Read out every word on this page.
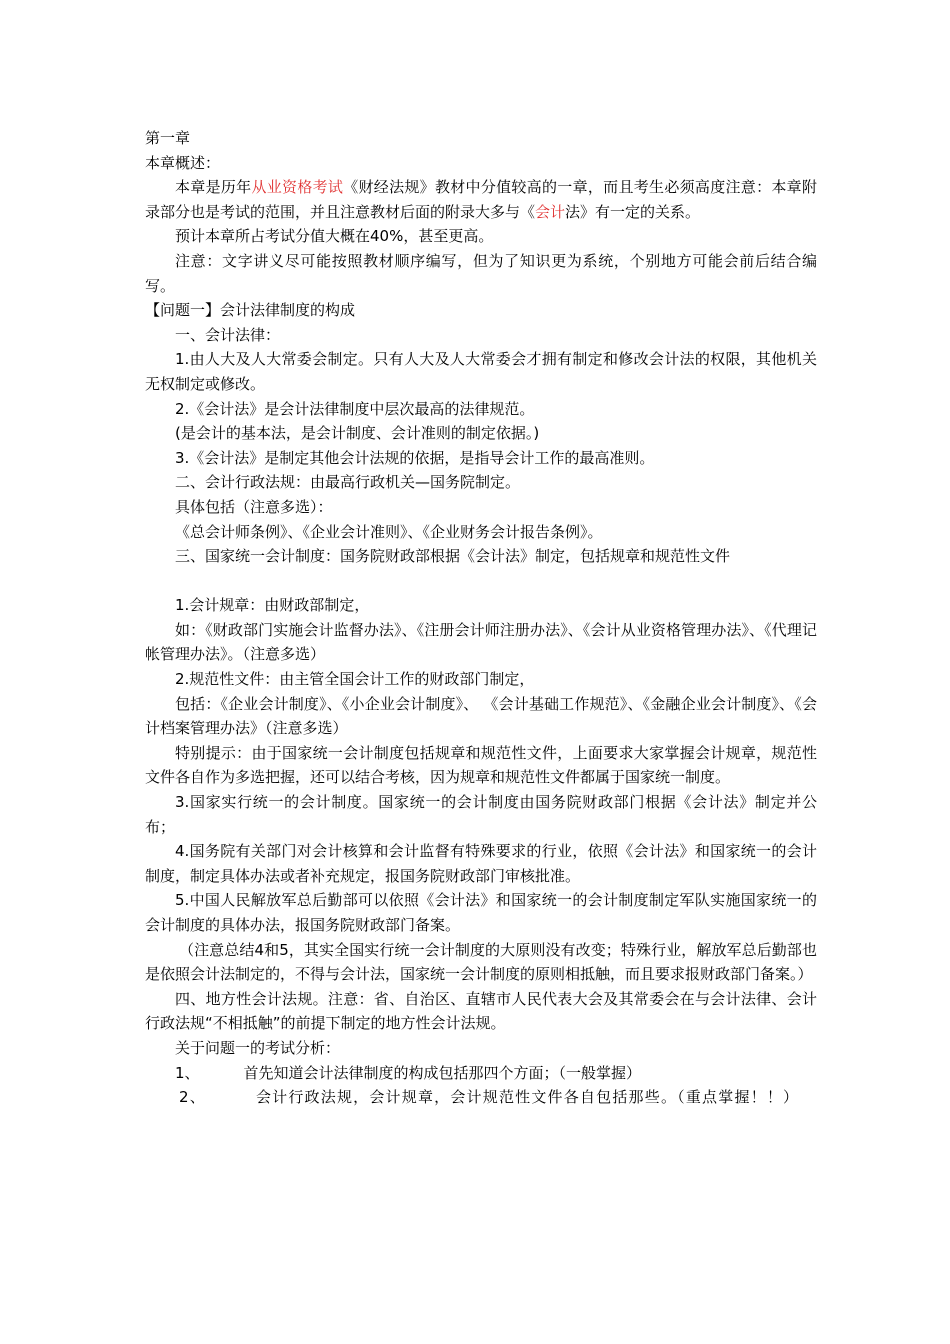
第一章

本章概述：

本章是历年从业资格考试《财经法规》教材中分值较高的一章，而且考生必须高度注意：本章附录部分也是考试的范围，并且注意教材后面的附录大多与《会计法》有一定的关系。

预计本章所占考试分值大概在40%，甚至更高。

注意：文字讲义尽可能按照教材顺序编写，但为了知识更为系统，个别地方可能会前后结合编写。

【问题一】会计法律制度的构成

一、会计法律：

1.由人大及人大常委会制定。只有人大及人大常委会才拥有制定和修改会计法的权限，其他机关无权制定或修改。

2.《会计法》是会计法律制度中层次最高的法律规范。

(是会计的基本法，是会计制度、会计准则的制定依据。)

3.《会计法》是制定其他会计法规的依据，是指导会计工作的最高准则。

二、会计行政法规：由最高行政机关—国务院制定。

具体包括（注意多选）：

《总会计师条例》、《企业会计准则》、《企业财务会计报告条例》。

三、国家统一会计制度：国务院财政部根据《会计法》制定，包括规章和规范性文件

1.会计规章：由财政部制定，

如：《财政部门实施会计监督办法》、《注册会计师注册办法》、《会计从业资格管理办法》、《代理记帐管理办法》。（注意多选）

2.规范性文件：由主管全国会计工作的财政部门制定，

包括：《企业会计制度》、《小企业会计制度》、 《会计基础工作规范》、《金融企业会计制度》、《会计档案管理办法》（注意多选）

特别提示：由于国家统一会计制度包括规章和规范性文件，上面要求大家掌握会计规章，规范性文件各自作为多选把握，还可以结合考核，因为规章和规范性文件都属于国家统一制度。

3.国家实行统一的会计制度。国家统一的会计制度由国务院财政部门根据《会计法》制定并公布；

4.国务院有关部门对会计核算和会计监督有特殊要求的行业，依照《会计法》和国家统一的会计制度，制定具体办法或者补充规定，报国务院财政部门审核批准。

5.中国人民解放军总后勤部可以依照《会计法》和国家统一的会计制度制定军队实施国家统一的会计制度的具体办法，报国务院财政部门备案。

（注意总结4和5，其实全国实行统一会计制度的大原则没有改变；特殊行业，解放军总后勤部也是依照会计法制定的，不得与会计法，国家统一会计制度的原则相抵触，而且要求报财政部门备案。）

四、地方性会计法规。注意：省、自治区、直辖市人民代表大会及其常委会在与会计法律、会计行政法规“不相抵触”的前提下制定的地方性会计法规。

关于问题一的考试分析：

1、	首先知道会计法律制度的构成包括那四个方面；（一般掌握）

2、	会计行政法规，会计规章，会计规范性文件各自包括那些。（重点掌握！！）
